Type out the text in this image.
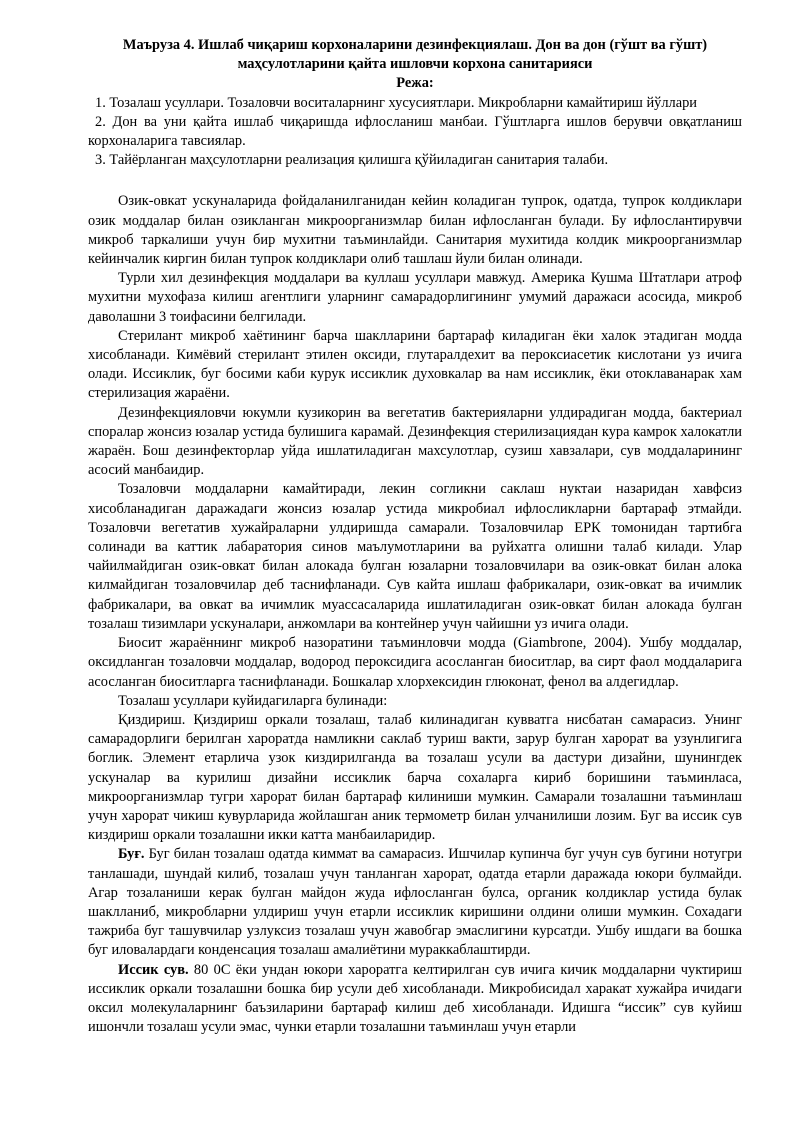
Маъруза 4. Ишлаб чиқариш корхоналарини дезинфекциялаш. Дон ва дон (гўшт ва гўшт)

маҳсулотларини қайта ишловчи корхона санитарияси

Режа:

1. Тозалаш усуллари. Тозаловчи воситаларнинг хусусиятлари. Микробларни камайтириш йўллари

2. Дон ва уни қайта ишлаб чиқаришда ифлосланиш манбаи. Гўштларга ишлов берувчи овқатланиш корхоналарига тавсиялар.

3. Тайёрланган маҳсулотларни реализация қилишга қўйиладиган санитария талаби.

Озик-овкат ускуналарида фойдаланилганидан кейин коладиган тупрок, одатда, тупрок колдиклари озик моддалар билан озикланган микроорганизмлар билан ифлосланган булади. Бу ифлослантирувчи микроб таркалиши учун бир мухитни таъминлайди. Санитария мухитида колдик микроорганизмлар кейинчалик киргин билан тупрок колдиклари олиб ташлаш йули билан олинади.

Турли хил дезинфекция моддалари ва куллаш усуллари мавжуд. Америка Кушма Штатлари атроф мухитни мухофаза килиш агентлиги уларнинг самарадорлигининг умумий даражаси асосида, микроб даволашни 3 тоифасини белгилади.

Стерилант микроб хаётининг барча шаклларини бартараф киладиган ёки халок этадиган модда хисобланади. Кимёвий стерилант этилен оксиди, глутаралдехит ва пероксиасетик кислотани уз ичига олади. Иссиклик, буг босими каби курук иссиклик духовкалар ва нам иссиклик, ёки отоклаванарак хам стерилизация жараёни.

Дезинфекцияловчи юкумли кузикорин ва вегетатив бактерияларни улдирадиган модда, бактериал споралар жонсиз юзалар устида булишига карамай. Дезинфекция стерилизациядан кура камрок халокатли жараён. Бош дезинфекторлар уйда ишлатиладиган махсулотлар, сузиш хавзалари, сув моддаларининг асосий манбаидир.

Тозаловчи моддаларни камайтиради, лекин согликни саклаш нуктаи назаридан хавфсиз хисобланадиган даражадаги жонсиз юзалар устида микробиал ифлосликларни бартараф этмайди. Тозаловчи вегетатив хужайраларни улдиришда самарали. Тозаловчилар ЕРК томонидан тартибга солинади ва каттик лабаратория синов маълумотларини ва руйхатга олишни талаб килади. Улар чайилмайдиган озик-овкат билан алокада булган юзаларни тозаловчилари ва озик-овкат билан алока килмайдиган тозаловчилар деб таснифланади. Сув кайта ишлаш фабрикалари, озик-овкат ва ичимлик фабрикалари, ва овкат ва ичимлик муассасаларида ишлатиладиган озик-овкат билан алокада булган тозалаш тизимлари ускуналари, анжомлари ва контейнер учун чайишни уз ичига олади.

Биосит жараённинг микроб назоратини таъминловчи модда (Giambrone, 2004). Ушбу моддалар, оксидланган тозаловчи моддалар, водород пероксидига асосланган биоситлар, ва сирт фаол моддаларига асосланган биоситларга таснифланади. Бошкалар хлорхексидин глюконат, фенол ва алдегидлар.

Тозалаш усуллари куйидагиларга булинади:

Қиздириш. Қиздириш оркали тозалаш, талаб килинадиган кувватга нисбатан самарасиз. Унинг самарадорлиги берилган хароратда намликни саклаб туриш вакти, зарур булган харорат ва узунлигига боглик. Элемент етарлича узок киздирилганда ва тозалаш усули ва дастури дизайни, шунингдек ускуналар ва курилиш дизайни иссиклик барча сохаларга кириб боришини таъминласа, микроорганизмлар тугри харорат билан бартараф килиниши мумкин. Самарали тозалашни таъминлаш учун харорат чикиш кувурларида жойлашган аник термометр билан улчанилиши лозим. Буг ва иссик сув киздириш оркали тозалашни икки катта манбаиларидир.

Буғ. Буг билан тозалаш одатда киммат ва самарасиз. Ишчилар купинча буг учун сув бугини нотугри танлашади, шундай килиб, тозалаш учун танланган харорат, одатда етарли даражада юкори булмайди. Агар тозаланиши керак булган майдон жуда ифлосланган булса, органик колдиклар устида булак шаклланиб, микробларни улдириш учун етарли иссиклик киришини олдини олиши мумкин. Сохадаги тажриба буг ташувчилар узлуксиз тозалаш учун жавобгар эмаслигини курсатди. Ушбу ишдаги ва бошка буг иловалардаги конденсация тозалаш амалиётини мураккаблаштирди.

Иссик сув. 80 0С ёки ундан юкори хароратга келтирилган сув ичига кичик моддаларни чуктириш иссиклик оркали тозалашни бошка бир усули деб хисобланади. Микробисидал харакат хужайра ичидаги оксил молекулаларнинг баъзиларини бартараф килиш деб хисобланади. Идишга “иссик” сув куйиш ишончли тозалаш усули эмас, чунки етарли тозалашни таъминлаш учун етарли
